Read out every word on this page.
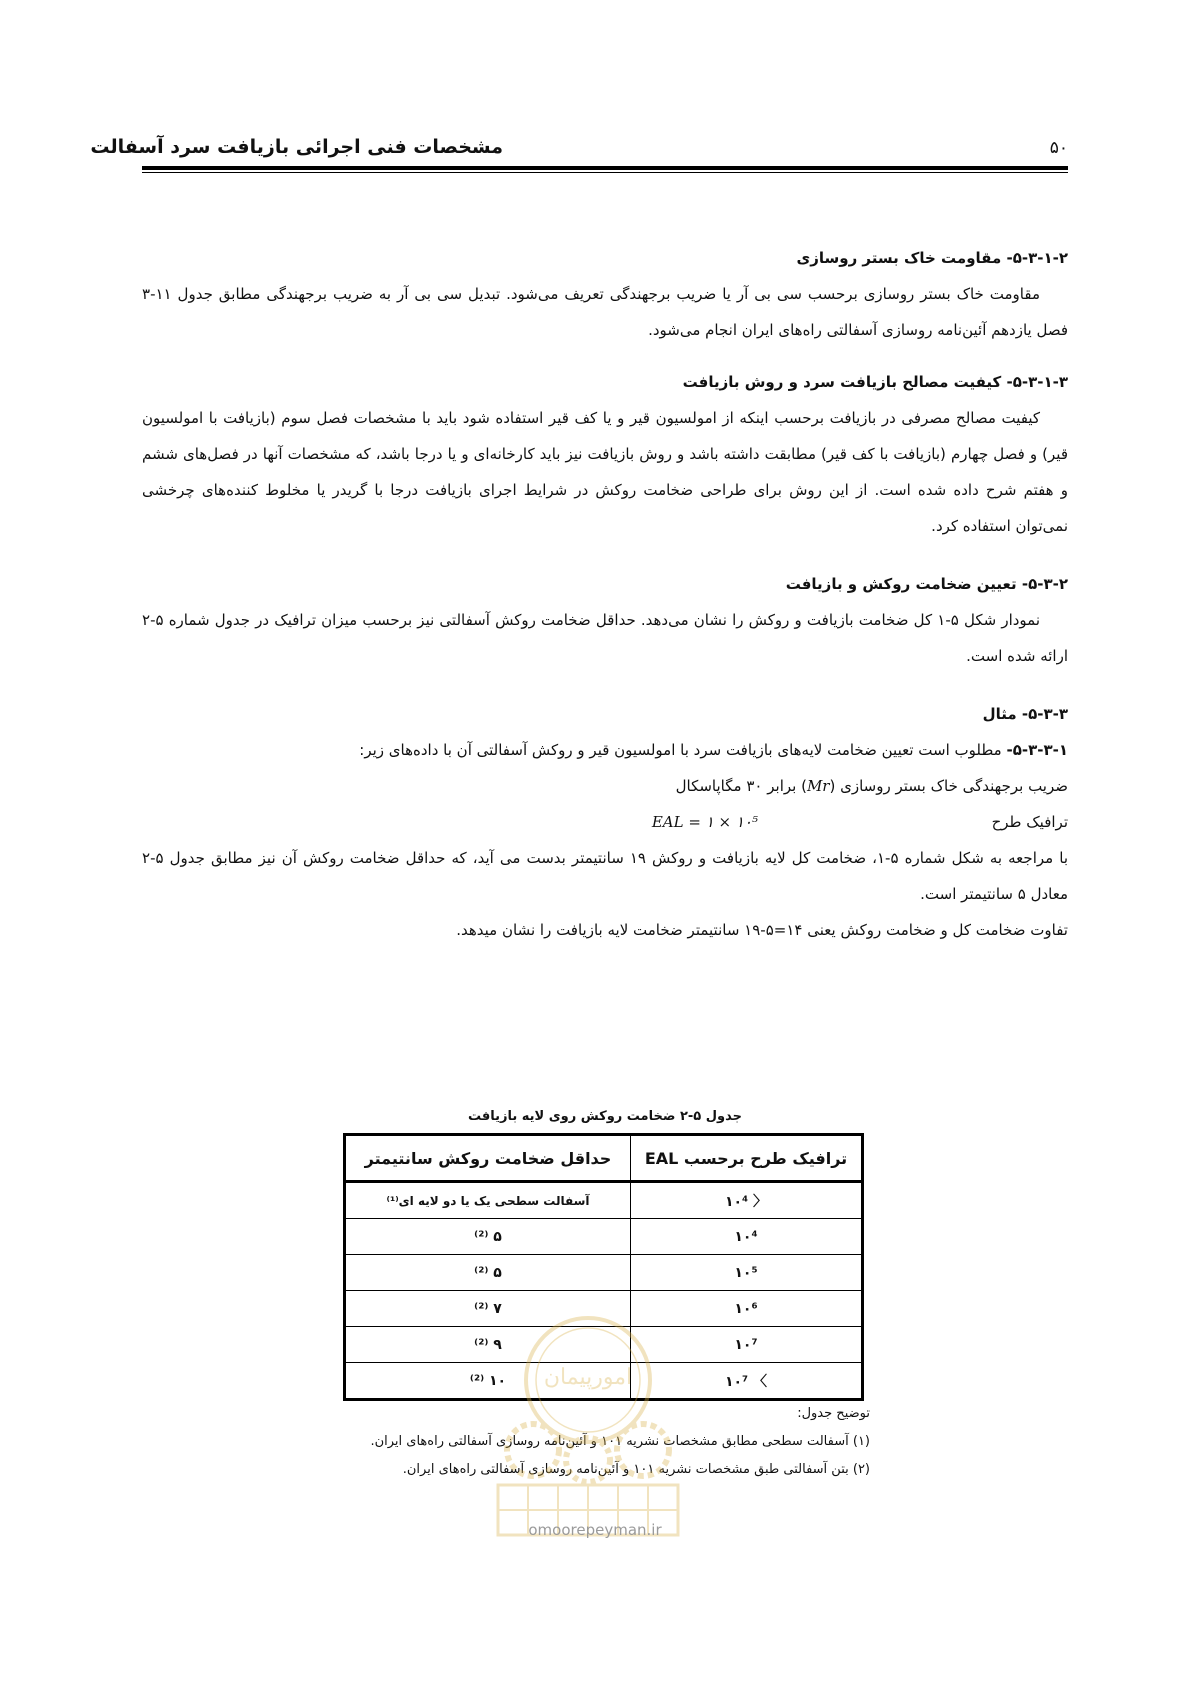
مشخصات فنی اجرائی بازیافت سرد آسفالت	۵۰

۵-۳-۱-۲- مقاومت خاک بستر روسازی

مقاومت خاک بستر روسازی برحسب سی بی آر یا ضریب برجهندگی تعریف می‌شود. تبدیل سی بی آر به ضریب برجهندگی مطابق جدول ۱۱-۳ فصل یازدهم آئین‌نامه روسازی آسفالتی راه‌های ایران انجام می‌شود.

۵-۳-۱-۳- کیفیت مصالح بازیافت سرد و روش بازیافت

کیفیت مصالح مصرفی در بازیافت برحسب اینکه از امولسیون قیر و یا کف قیر استفاده شود باید با مشخصات فصل سوم (بازیافت با امولسیون قیر) و فصل چهارم (بازیافت با کف قیر) مطابقت داشته باشد و روش بازیافت نیز باید کارخانه‌ای و یا درجا باشد، که مشخصات آنها در فصل‌های ششم و هفتم شرح داده شده است. از این روش برای طراحی ضخامت روکش در شرایط اجرای بازیافت درجا با گریدر یا مخلوط کننده‌های چرخشی نمی‌توان استفاده کرد.

۵-۳-۲- تعیین ضخامت روکش و بازیافت

نمودار شکل ۵-۱ کل ضخامت بازیافت و روکش را نشان می‌دهد. حداقل ضخامت روکش آسفالتی نیز برحسب میزان ترافیک در جدول شماره ۵-۲ ارائه شده است.

۵-۳-۳- مثال

۵-۳-۳-۱- مطلوب است تعیین ضخامت لایه‌های بازیافت سرد با امولسیون قیر و روکش آسفالتی آن با داده‌های زیر:

ضریب برجهندگی خاک بستر روسازی (Mr) برابر ۳۰ مگاپاسکال

ترافیک طرح
EAL = ۱ × ۱۰⁵

با مراجعه به شکل شماره ۵-۱، ضخامت کل لایه بازیافت و روکش ۱۹ سانتیمتر بدست می آید، که حداقل ضخامت روکش آن نیز مطابق جدول ۵-۲ معادل ۵ سانتیمتر است.

تفاوت ضخامت کل و ضخامت روکش یعنی ۱۴=۵-۱۹ سانتیمتر ضخامت لایه بازیافت را نشان میدهد.

جدول ۵-۲ ضخامت روکش روی لایه بازیافت
ترافیک طرح برحسب EAL	حداقل ضخامت روکش سانتیمتر
〈 ۱۰⁴	آسفالت سطحی یک یا دو لایه ای⁽¹⁾
۱۰⁴	۵ ⁽²⁾
۱۰⁵	۵ ⁽²⁾
۱۰⁶	۷ ⁽²⁾
۱۰⁷	۹ ⁽²⁾
〉 ۱۰⁷	۱۰ ⁽²⁾
توضیح جدول:
(۱) آسفالت سطحی مطابق مشخصات نشریه ۱۰۱ و آئین‌نامه روسازی آسفالتی راه‌های ایران.
(۲) بتن آسفالتی طبق مشخصات نشریه ۱۰۱ و آئین‌نامه روسازی آسفالتی راه‌های ایران.
امورپیمان
omoorepeyman.ir
